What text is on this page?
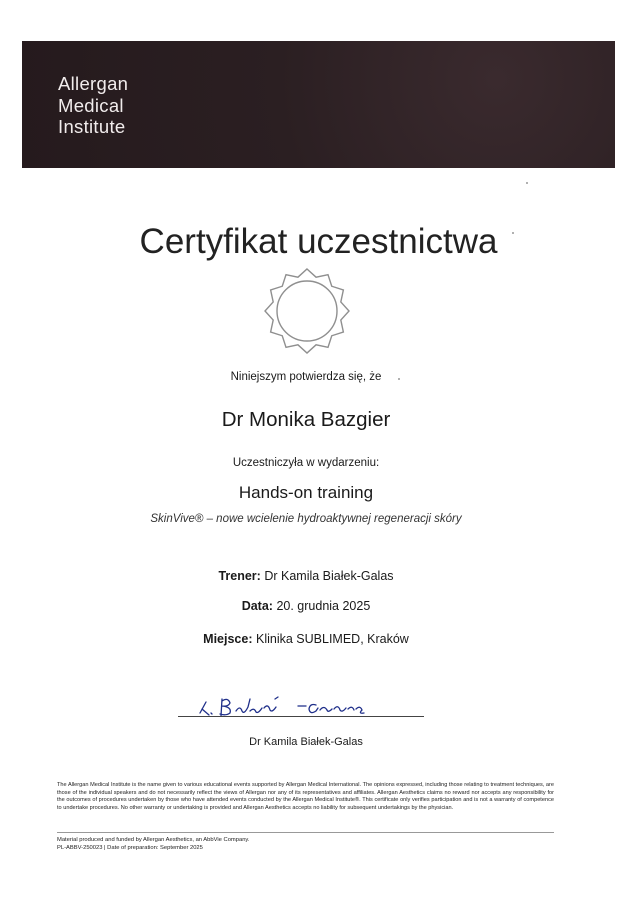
Allergan
Medical
Institute
Certyfikat uczestnictwa
Niniejszym potwierdza się, że
Dr Monika Bazgier
Uczestniczyła w wydarzeniu:
Hands-on training
SkinVive® – nowe wcielenie hydroaktywnej regeneracji skóry
Trener: Dr Kamila Białek-Galas
Data: 20. grudnia 2025
Miejsce: Klinika SUBLIMED, Kraków
Dr Kamila Białek-Galas
The Allergan Medical Institute is the name given to various educational events supported by Allergan Medical International. The opinions expressed, including those relating to treatment techniques, are those of the individual speakers and do not necessarily reflect the views of Allergan nor any of its representatives and affiliates. Allergan Aesthetics claims no reward nor accepts any responsibility for the outcomes of procedures undertaken by those who have attended events conducted by the Allergan Medical Institute®. This certificate only verifies participation and is not a warranty of competence to undertake procedures. No other warranty or undertaking is provided and Allergan Aesthetics accepts no liability for subsequent undertakings by the physician.
Material produced and funded by Allergan Aesthetics, an AbbVie Company.
PL-ABBV-250023 | Date of preparation: September 2025
